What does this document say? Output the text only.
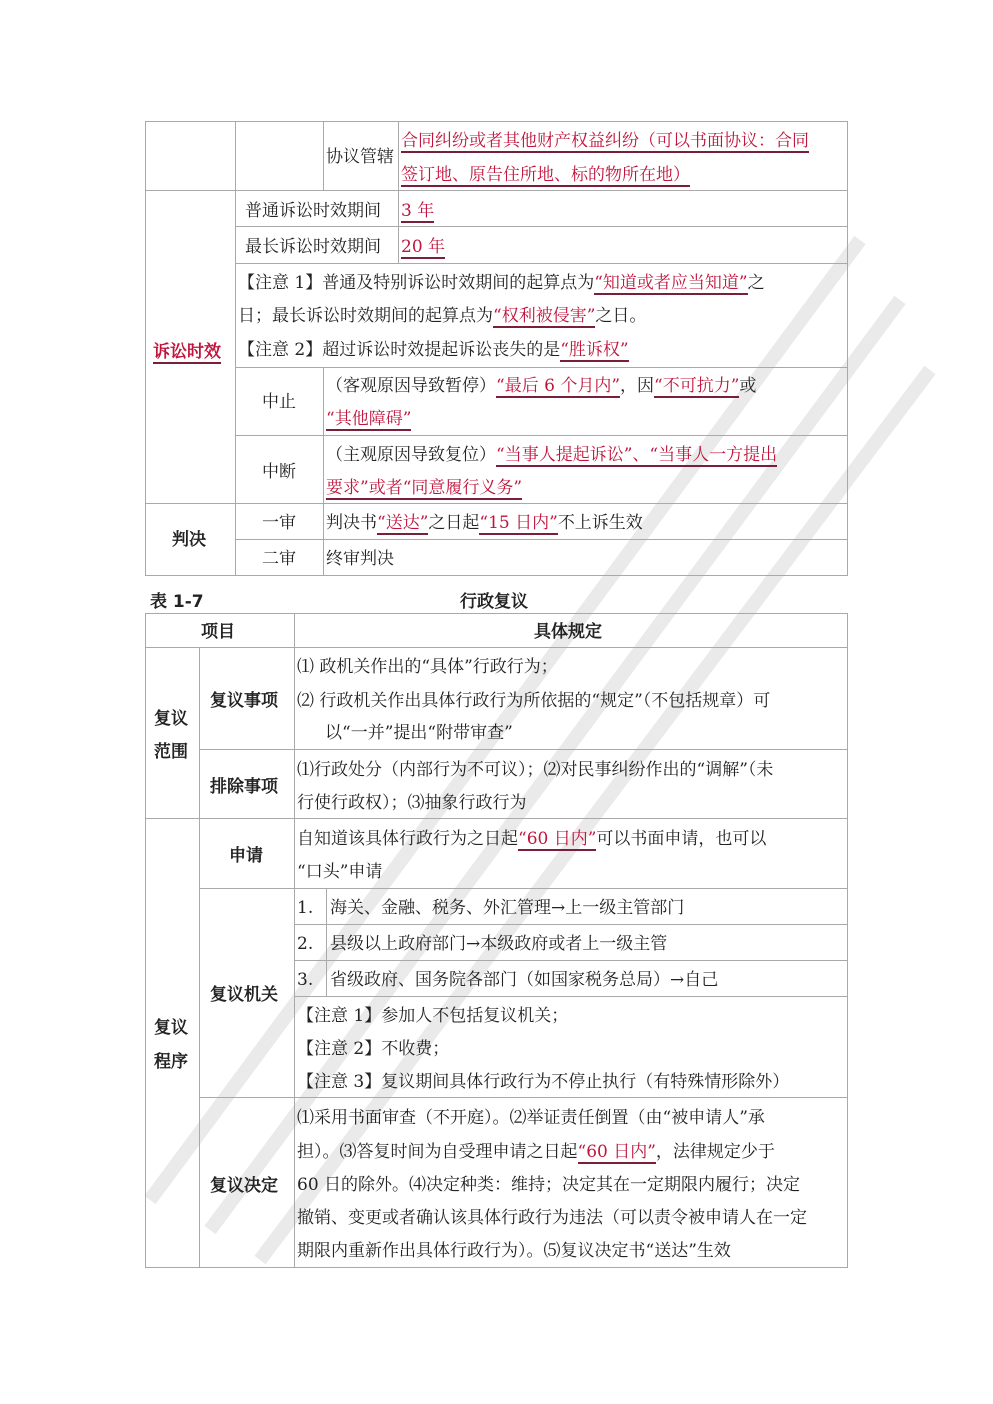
协议管辖
合同纠纷或者其他财产权益纠纷（可以书面协议：合同
签订地、原告住所地、标的物所在地）
诉讼时效
普通诉讼时效期间 3 年
最长诉讼时效期间 20 年
【注意 1】普通及特别诉讼时效期间的起算点为“知道或者应当知道”之
日；最长诉讼时效期间的起算点为“权利被侵害”之日。
【注意 2】超过诉讼时效提起诉讼丧失的是“胜诉权”
中止
（客观原因导致暂停）“最后 6 个月内”，因“不可抗力”或
“其他障碍”
中断
（主观原因导致复位）“当事人提起诉讼”、“当事人一方提出
要求”或者“同意履行义务”
判决
一审 判决书“送达”之日起“15 日内”不上诉生效
二审 终审判决
表 1-7	行政复议
项目	具体规定
复议
范围
复议事项
⑴ 政机关作出的“具体”行政行为；
⑵ 行政机关作出具体行政行为所依据的“规定”（不包括规章）可
以“一并”提出“附带审查”
排除事项
⑴行政处分（内部行为不可议）；⑵对民事纠纷作出的“调解”（未
行使行政权）；⑶抽象行政行为
复议
程序
申请
自知道该具体行政行为之日起“60 日内”可以书面申请，也可以
“口头”申请
复议机关
1. 海关、金融、税务、外汇管理→上一级主管部门
2. 县级以上政府部门→本级政府或者上一级主管
3. 省级政府、国务院各部门（如国家税务总局）→自己
【注意 1】参加人不包括复议机关；
【注意 2】不收费；
【注意 3】复议期间具体行政行为不停止执行（有特殊情形除外）
复议决定
⑴采用书面审查（不开庭）。⑵举证责任倒置（由“被申请人”承
担）。⑶答复时间为自受理申请之日起“60 日内”，法律规定少于
60 日的除外。⑷决定种类：维持；决定其在一定期限内履行；决定
撤销、变更或者确认该具体行政行为违法（可以责令被申请人在一定
期限内重新作出具体行政行为）。⑸复议决定书“送达”生效
